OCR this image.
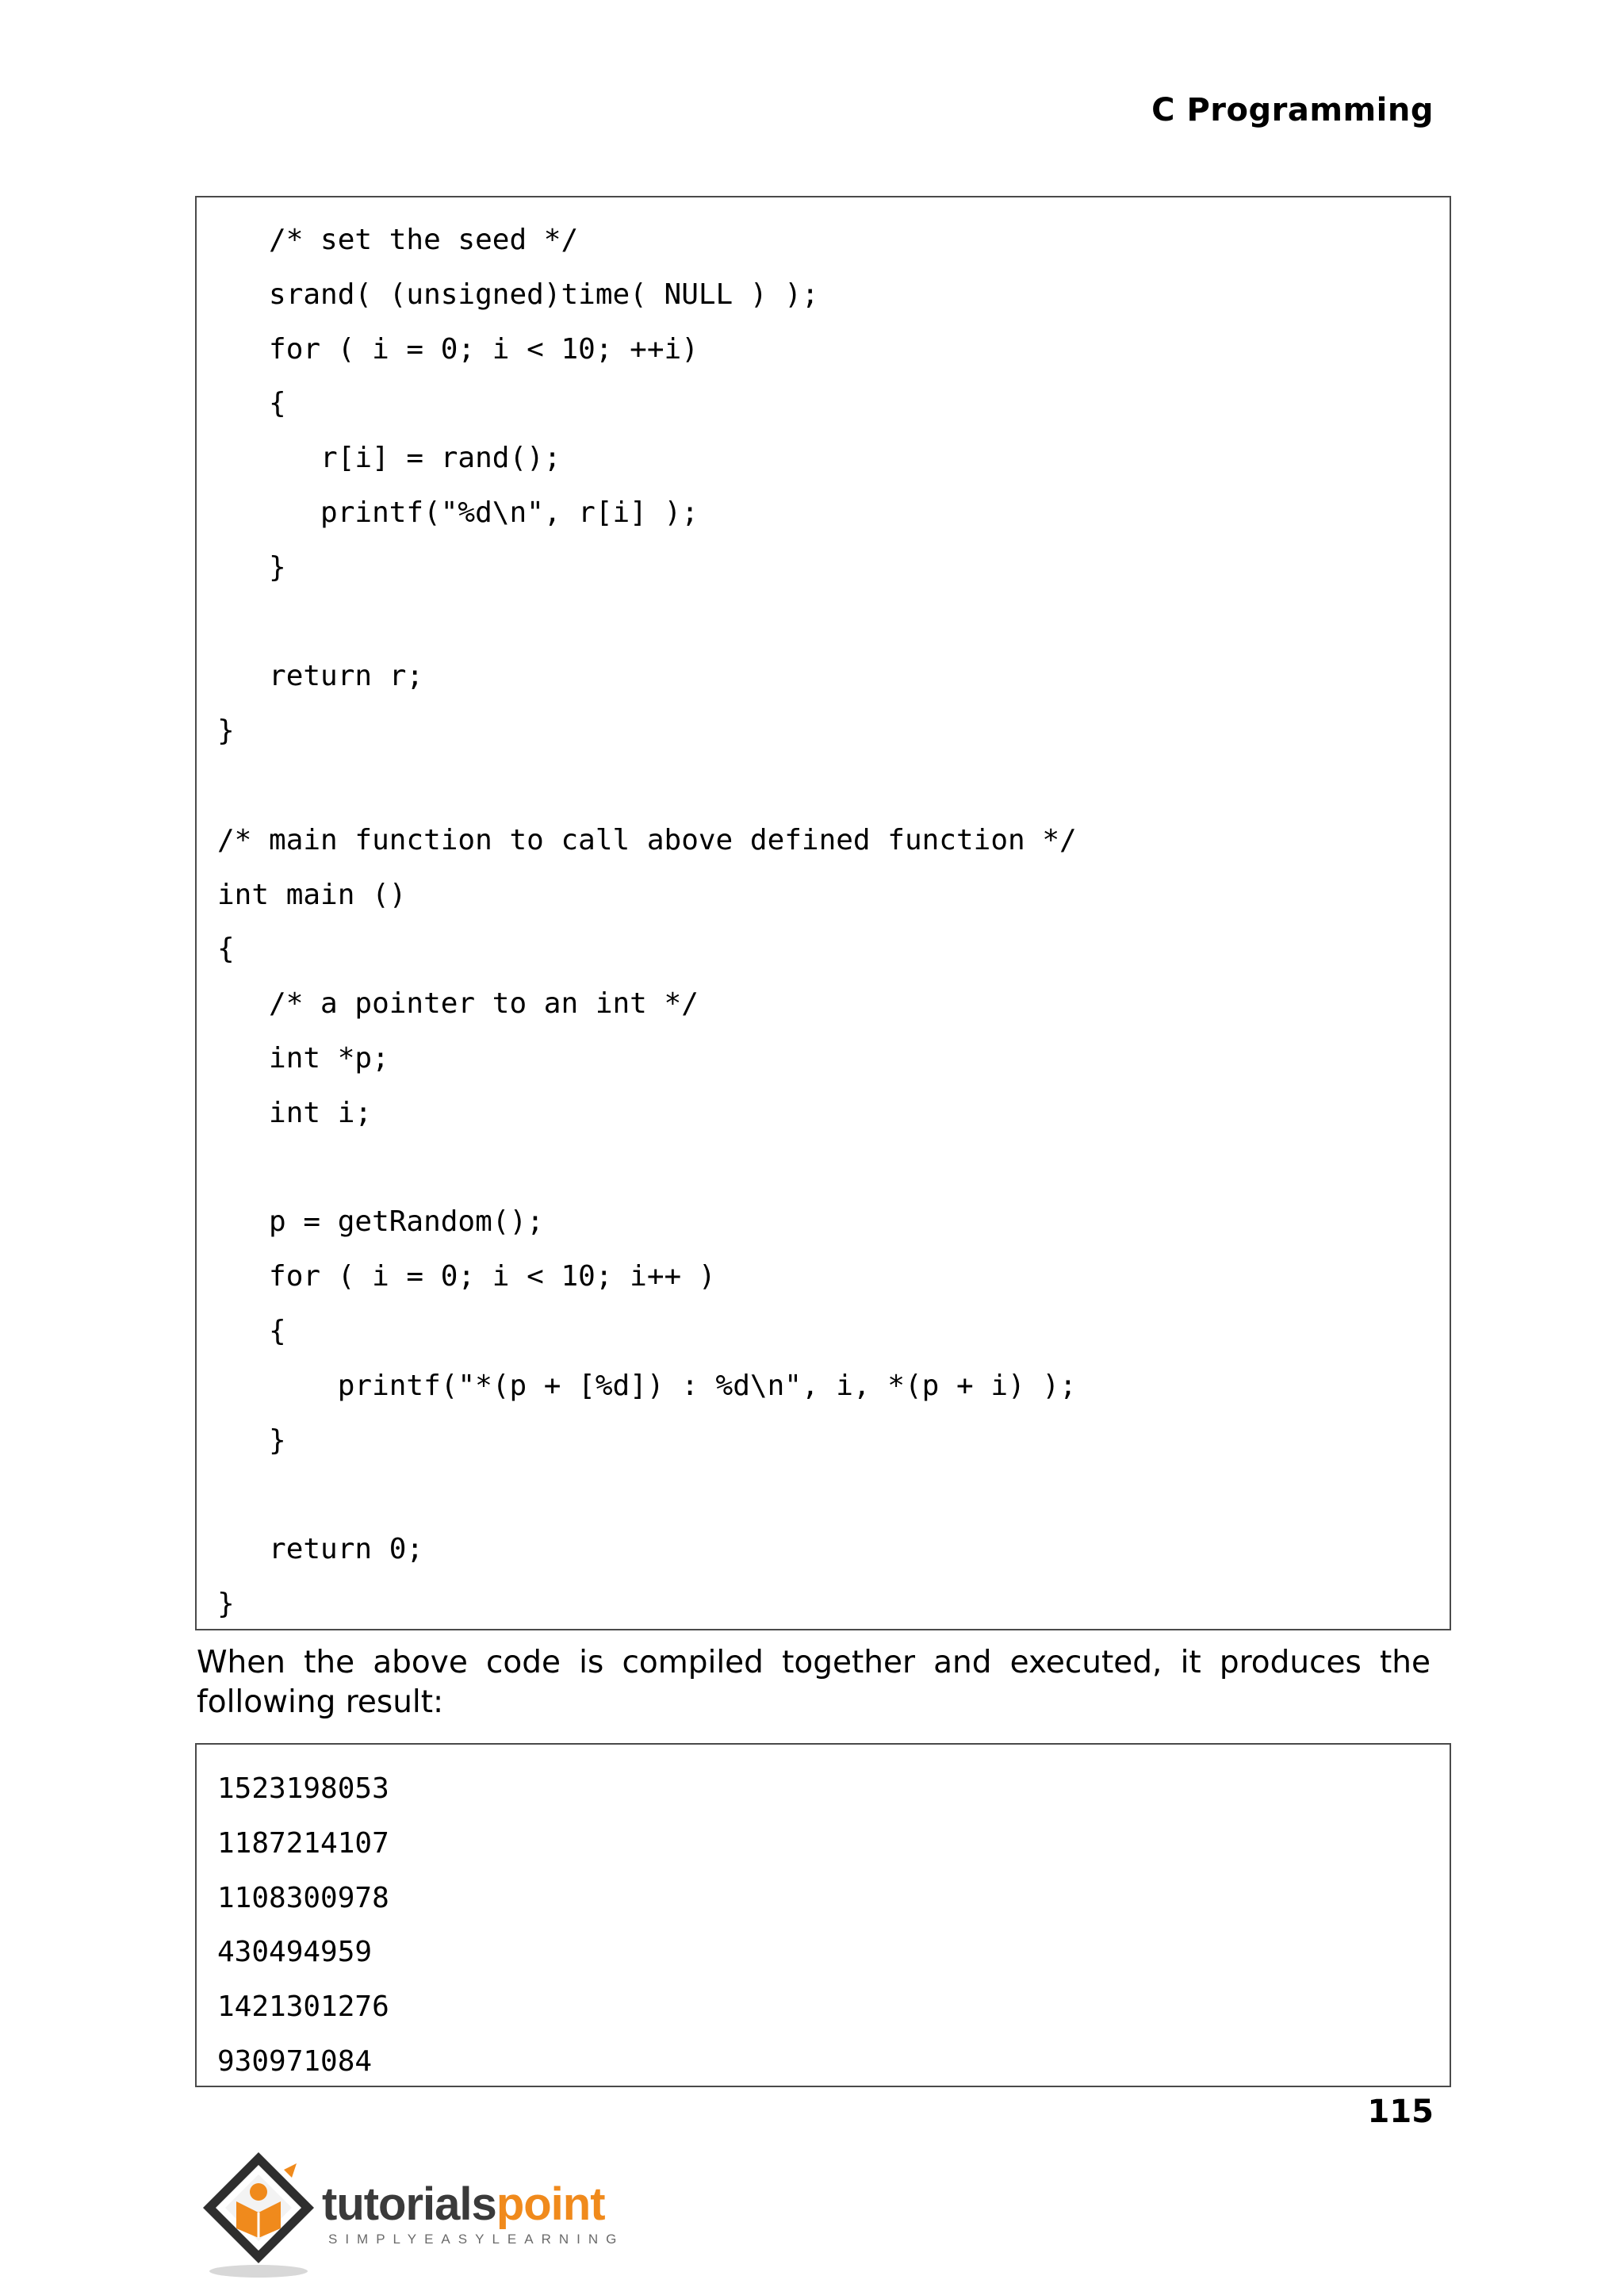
C Programming
/* set the seed */
srand( (unsigned)time( NULL ) );
for ( i = 0; i < 10; ++i)
{
r[i] = rand();
printf("%d\n", r[i] );
}
return r;
}
/* main function to call above defined function */
int main ()
{
/* a pointer to an int */
int *p;
int i;
p = getRandom();
for ( i = 0; i < 10; i++ )
{
printf("*(p + [%d]) : %d\n", i, *(p + i) );
}
return 0;
}
When the above code is compiled together and executed, it produces the following result:
1523198053
1187214107
1108300978
430494959
1421301276
930971084
115
tutorialspoint
SIMPLYEASYLEARNING
